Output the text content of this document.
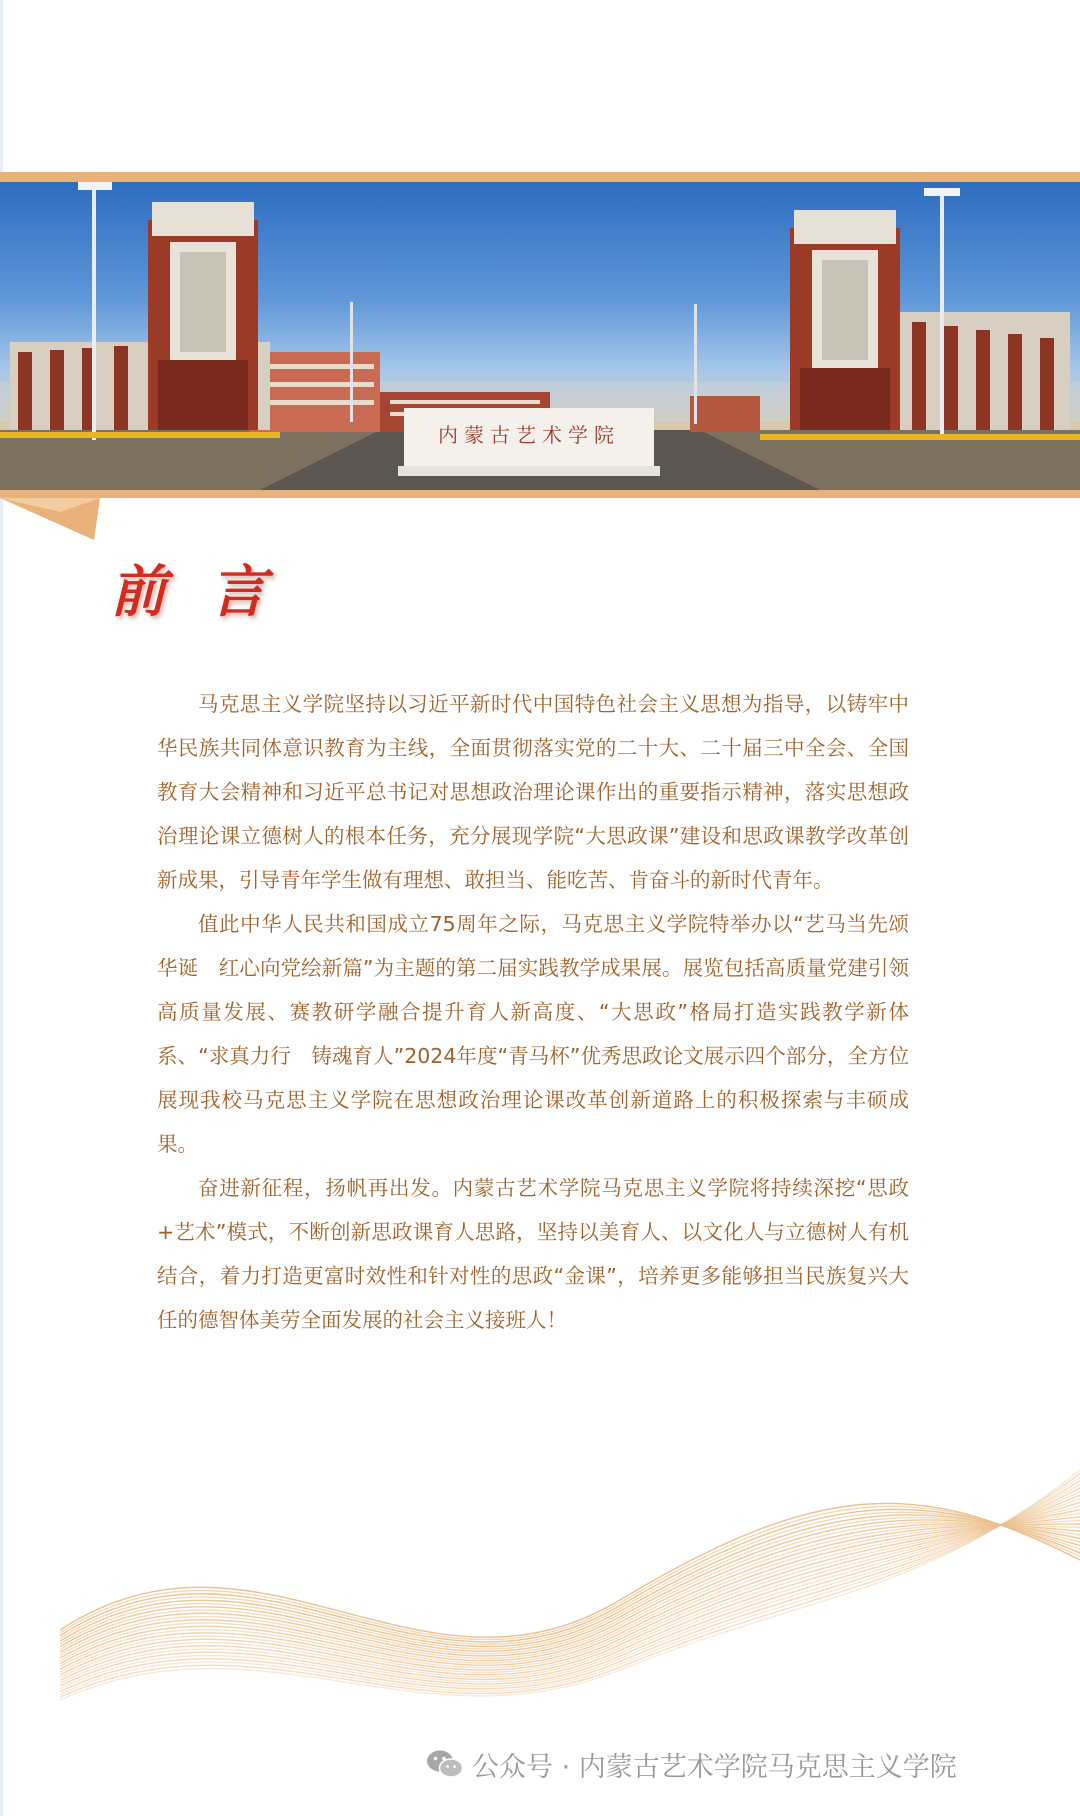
内蒙古艺术学院
前言

马克思主义学院坚持以习近平新时代中国特色社会主义思想为指导，以铸牢中华民族共同体意识教育为主线，全面贯彻落实党的二十大、二十届三中全会、全国教育大会精神和习近平总书记对思想政治理论课作出的重要指示精神，落实思想政治理论课立德树人的根本任务，充分展现学院“大思政课”建设和思政课教学改革创新成果，引导青年学生做有理想、敢担当、能吃苦、肯奋斗的新时代青年。

值此中华人民共和国成立75周年之际，马克思主义学院特举办以“艺马当先颂华诞　红心向党绘新篇”为主题的第二届实践教学成果展。展览包括高质量党建引领高质量发展、赛教研学融合提升育人新高度、“大思政”格局打造实践教学新体系、“求真力行　铸魂育人”2024年度“青马杯”优秀思政论文展示四个部分，全方位展现我校马克思主义学院在思想政治理论课改革创新道路上的积极探索与丰硕成果。

奋进新征程，扬帆再出发。内蒙古艺术学院马克思主义学院将持续深挖“思政+艺术”模式，不断创新思政课育人思路，坚持以美育人、以文化人与立德树人有机结合，着力打造更富时效性和针对性的思政“金课”，培养更多能够担当民族复兴大任的德智体美劳全面发展的社会主义接班人！

公众号 · 内蒙古艺术学院马克思主义学院
